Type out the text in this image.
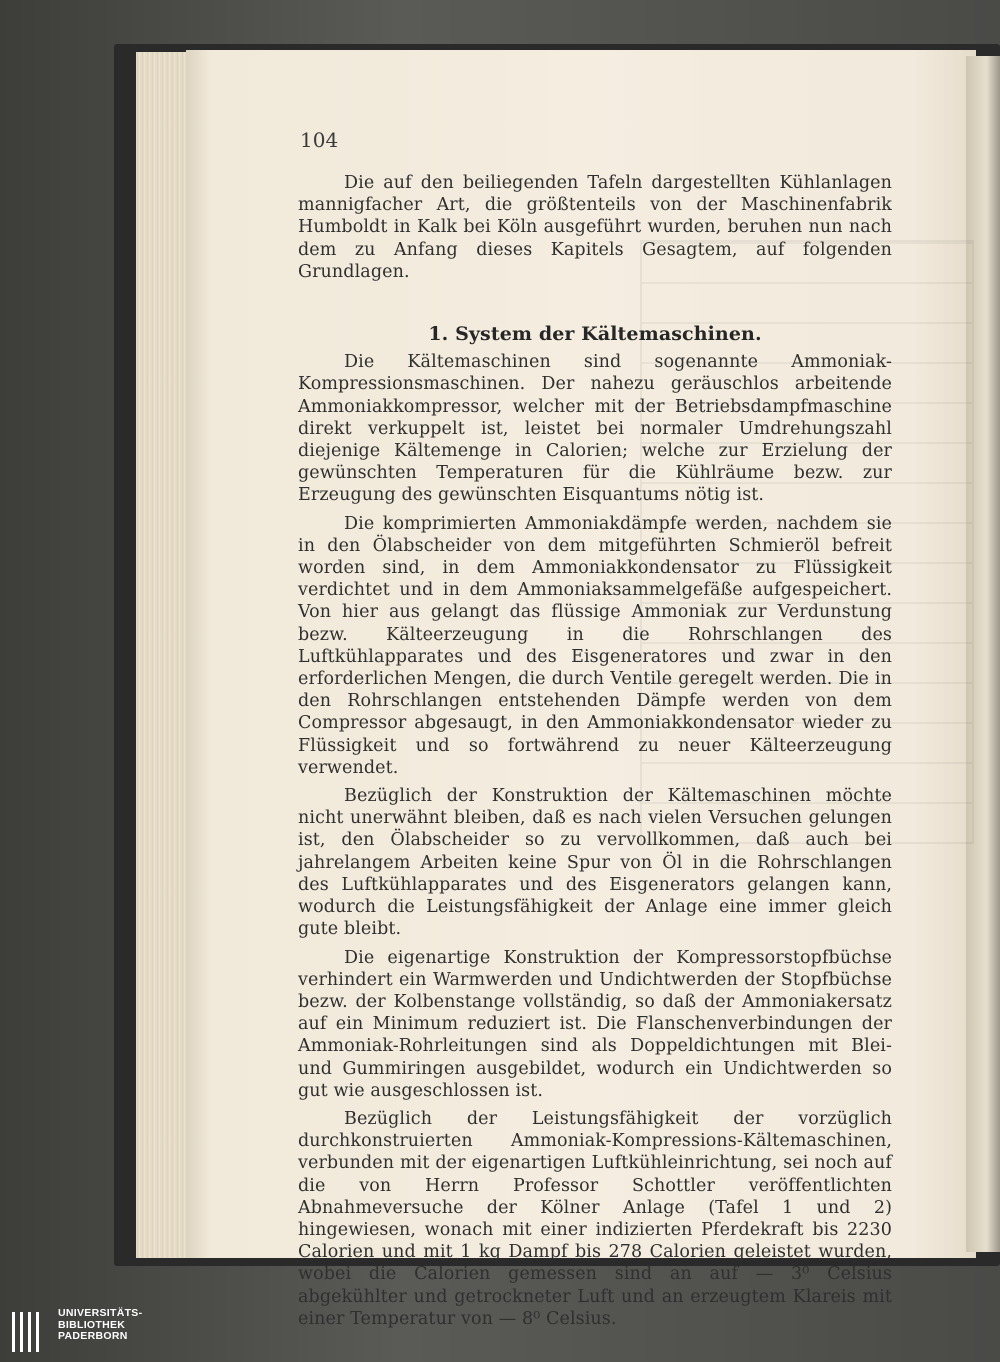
104

Die auf den beiliegenden Tafeln dargestellten Kühlanlagen mannigfacher Art, die größtenteils von der Maschinenfabrik Humboldt in Kalk bei Köln ausgeführt wurden, beruhen nun nach dem zu Anfang dieses Kapitels Gesagtem, auf folgenden Grundlagen.

1. System der Kältemaschinen.

Die Kältemaschinen sind sogenannte Ammoniak-Kompressionsmaschinen. Der nahezu geräuschlos arbeitende Ammoniakkompressor, welcher mit der Betriebsdampfmaschine direkt verkuppelt ist, leistet bei normaler Umdrehungszahl diejenige Kältemenge in Calorien; welche zur Erzielung der gewünschten Temperaturen für die Kühlräume bezw. zur Erzeugung des gewünschten Eisquantums nötig ist.

Die komprimierten Ammoniakdämpfe werden, nachdem sie in den Ölabscheider von dem mitgeführten Schmieröl befreit worden sind, in dem Ammoniakkondensator zu Flüssigkeit verdichtet und in dem Ammoniaksammelgefäße aufgespeichert. Von hier aus gelangt das flüssige Ammoniak zur Verdunstung bezw. Kälteerzeugung in die Rohrschlangen des Luftkühlapparates und des Eisgeneratores und zwar in den erforderlichen Mengen, die durch Ventile geregelt werden. Die in den Rohrschlangen entstehenden Dämpfe werden von dem Compressor abgesaugt, in den Ammoniakkondensator wieder zu Flüssigkeit und so fortwährend zu neuer Kälteerzeugung verwendet.

Bezüglich der Konstruktion der Kältemaschinen möchte nicht unerwähnt bleiben, daß es nach vielen Versuchen gelungen ist, den Ölabscheider so zu vervollkommen, daß auch bei jahrelangem Arbeiten keine Spur von Öl in die Rohrschlangen des Luftkühlapparates und des Eisgenerators gelangen kann, wodurch die Leistungsfähigkeit der Anlage eine immer gleich gute bleibt.

Die eigenartige Konstruktion der Kompressorstopfbüchse verhindert ein Warmwerden und Undichtwerden der Stopfbüchse bezw. der Kolbenstange vollständig, so daß der Ammoniakersatz auf ein Minimum reduziert ist. Die Flanschenverbindungen der Ammoniak-Rohrleitungen sind als Doppeldichtungen mit Blei- und Gummiringen ausgebildet, wodurch ein Undichtwerden so gut wie ausgeschlossen ist.

Bezüglich der Leistungsfähigkeit der vorzüglich durchkonstruierten Ammoniak-Kompressions-Kältemaschinen, verbunden mit der eigenartigen Luftkühleinrichtung, sei noch auf die von Herrn Professor Schottler veröffentlichten Abnahmeversuche der Kölner Anlage (Tafel 1 und 2) hingewiesen, wonach mit einer indizierten Pferdekraft bis 2230 Calorien und mit 1 kg Dampf bis 278 Calorien geleistet wurden, wobei die Calorien gemessen sind an auf — 3⁰ Celsius abgekühlter und getrockneter Luft und an erzeugtem Klareis mit einer Temperatur von — 8⁰ Celsius.

UNIVERSITÄTS-
BIBLIOTHEK
PADERBORN
